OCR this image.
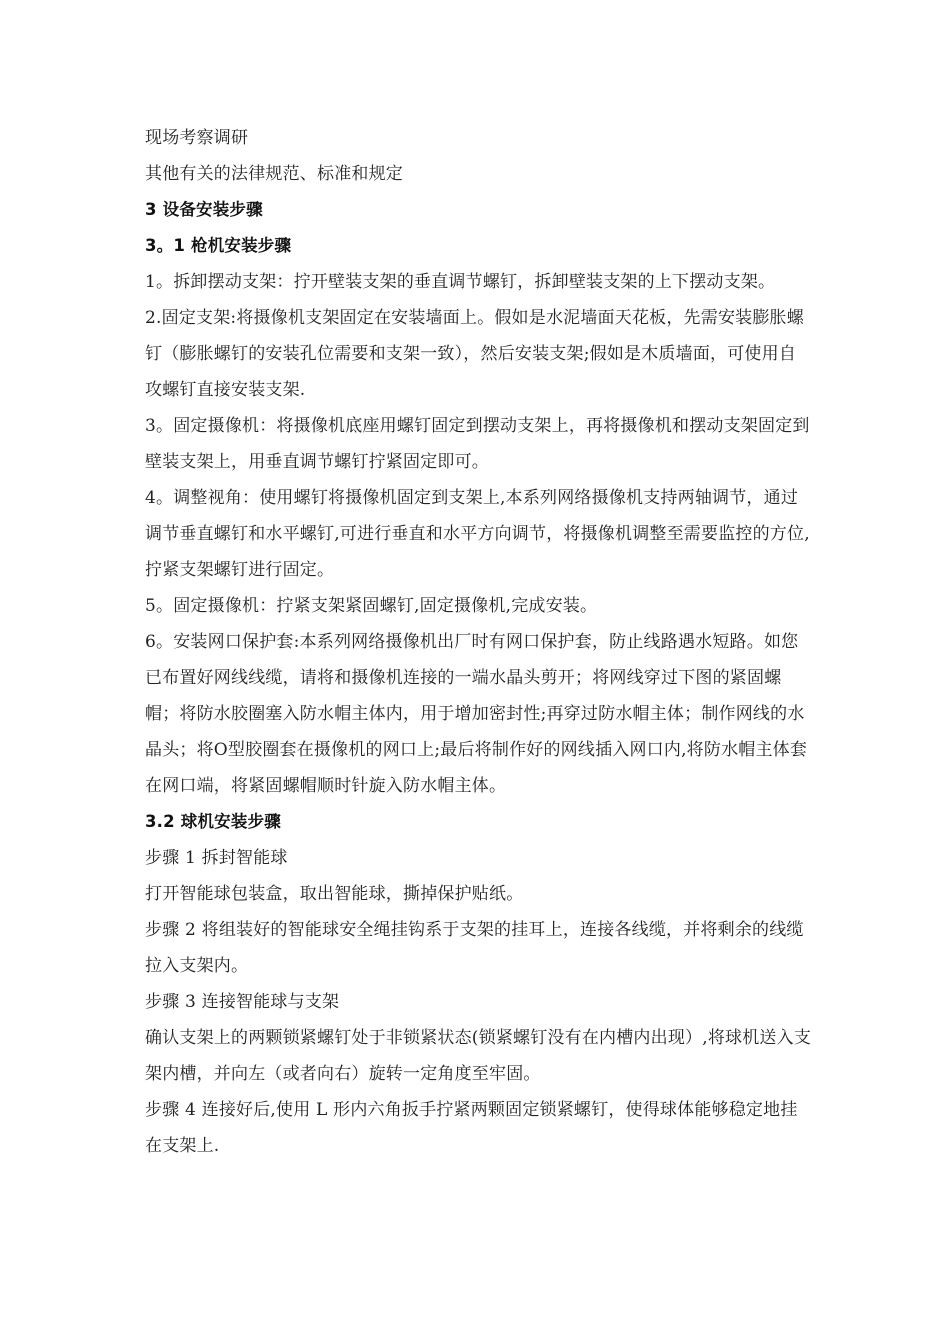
现场考察调研
其他有关的法律规范、标准和规定
3 设备安装步骤
3。1 枪机安装步骤
1。拆卸摆动支架：拧开壁装支架的垂直调节螺钉，拆卸壁装支架的上下摆动支架。
2.固定支架:将摄像机支架固定在安装墙面上。假如是水泥墙面天花板，先需安装膨胀螺钉（膨胀螺钉的安装孔位需要和支架一致），然后安装支架;假如是木质墙面，可使用自攻螺钉直接安装支架.
3。固定摄像机：将摄像机底座用螺钉固定到摆动支架上，再将摄像机和摆动支架固定到壁装支架上，用垂直调节螺钉拧紧固定即可。
4。调整视角：使用螺钉将摄像机固定到支架上,本系列网络摄像机支持两轴调节，通过调节垂直螺钉和水平螺钉,可进行垂直和水平方向调节，将摄像机调整至需要监控的方位,拧紧支架螺钉进行固定。
5。固定摄像机：拧紧支架紧固螺钉,固定摄像机,完成安装。
6。安装网口保护套:本系列网络摄像机出厂时有网口保护套，防止线路遇水短路。如您已布置好网线线缆，请将和摄像机连接的一端水晶头剪开；将网线穿过下图的紧固螺帽；将防水胶圈塞入防水帽主体内，用于增加密封性;再穿过防水帽主体；制作网线的水晶头；将O型胶圈套在摄像机的网口上;最后将制作好的网线插入网口内,将防水帽主体套在网口端，将紧固螺帽顺时针旋入防水帽主体。
3.2 球机安装步骤
步骤 1 拆封智能球
打开智能球包装盒，取出智能球，撕掉保护贴纸。
步骤 2 将组装好的智能球安全绳挂钩系于支架的挂耳上，连接各线缆，并将剩余的线缆拉入支架内。
步骤 3 连接智能球与支架
确认支架上的两颗锁紧螺钉处于非锁紧状态(锁紧螺钉没有在内槽内出现）,将球机送入支架内槽，并向左（或者向右）旋转一定角度至牢固。
步骤 4 连接好后,使用 L 形内六角扳手拧紧两颗固定锁紧螺钉，使得球体能够稳定地挂在支架上.
